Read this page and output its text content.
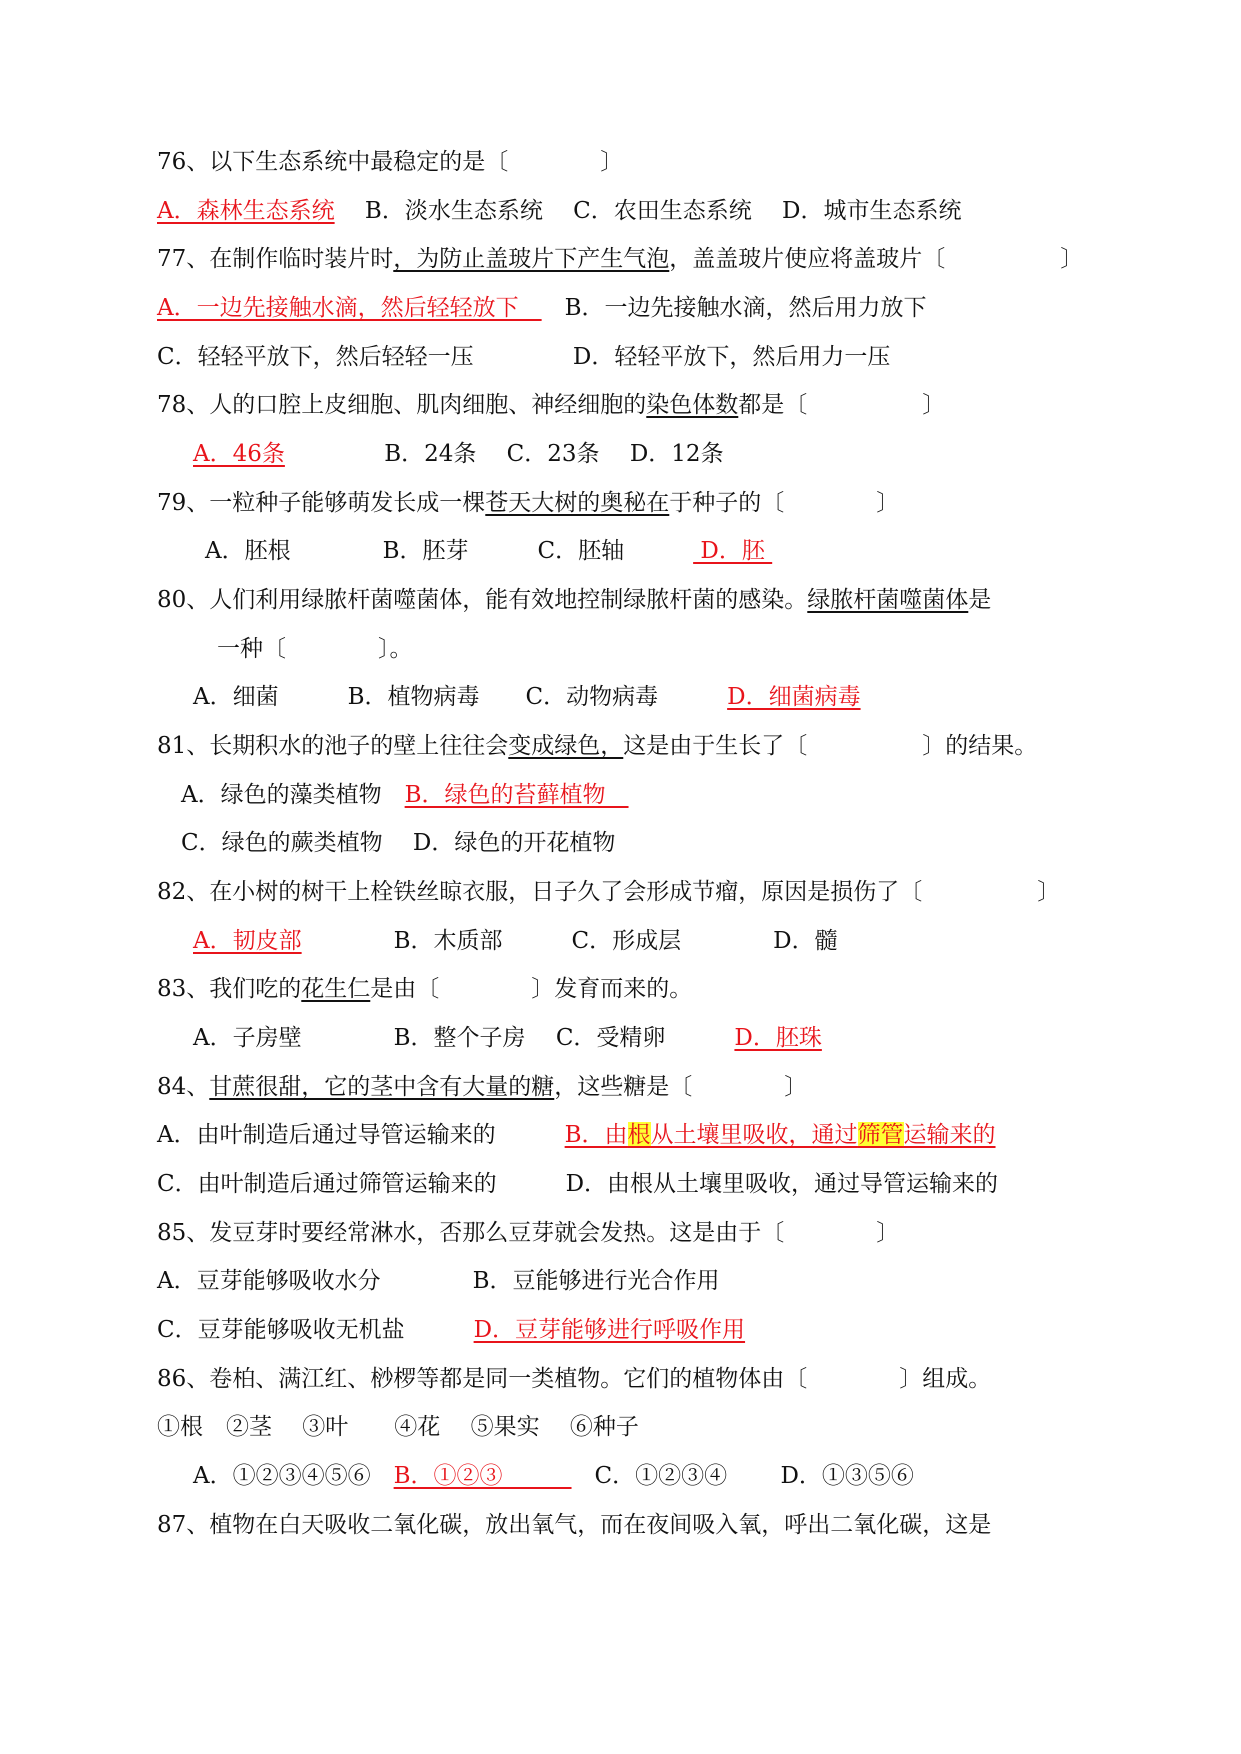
76、以下生态系统中最稳定的是〔　　　　〕
A．森林生态系统　 B．淡水生态系统　 C．农田生态系统　 D．城市生态系统
77、在制作临时装片时，为防止盖玻片下产生气泡，盖盖玻片使应将盖玻片〔　　　　　〕
A．一边先接触水滴，然后轻轻放下　　B．一边先接触水滴，然后用力放下
C．轻轻平放下，然后轻轻一压　　　　 D．轻轻平放下，然后用力一压
78、人的口腔上皮细胞、肌肉细胞、神经细胞的染色体数都是〔　　　　　〕
A．46条　　　　 B．24条　 C．23条　 D．12条
79、一粒种子能够萌发长成一棵苍天大树的奥秘在于种子的〔　　　　〕
A．胚根　　　　B．胚芽　　　C．胚轴　　　 D．胚
80、人们利用绿脓杆菌噬菌体，能有效地控制绿脓杆菌的感染。绿脓杆菌噬菌体是
一种〔　　　　〕。
A．细菌　　　B．植物病毒　　C．动物病毒　　　D．细菌病毒
81、长期积水的池子的壁上往往会变成绿色，这是由于生长了〔　　　　　〕的结果。
A．绿色的藻类植物　B．绿色的苔藓植物　
C．绿色的蕨类植物　 D．绿色的开花植物
82、在小树的树干上栓铁丝晾衣服，日子久了会形成节瘤，原因是损伤了〔　　　　　〕
A．韧皮部　　　　B．木质部　　　C．形成层　　　　D．髓
83、我们吃的花生仁是由〔　　　　〕发育而来的。
A．子房壁　　　　B．整个子房　 C．受精卵　　　D．胚珠
84、甘蔗很甜，它的茎中含有大量的糖，这些糖是〔　　　　〕
A．由叶制造后通过导管运输来的　　　B．由根从土壤里吸收，通过筛管运输来的
C．由叶制造后通过筛管运输来的　　　D．由根从土壤里吸收，通过导管运输来的
85、发豆芽时要经常淋水，否那么豆芽就会发热。这是由于〔　　　　〕
A．豆芽能够吸收水分　　　　B．豆能够进行光合作用
C．豆芽能够吸收无机盐　　　D．豆芽能够进行呼吸作用
86、卷柏、满江红、桫椤等都是同一类植物。它们的植物体由〔　　　　〕组成。
①根　②茎　 ③叶　　④花　 ⑤果实　 ⑥种子
A．①②③④⑤⑥　B．①②③　　　　C．①②③④　　 D．①③⑤⑥
87、植物在白天吸收二氧化碳，放出氧气，而在夜间吸入氧，呼出二氧化碳，这是
